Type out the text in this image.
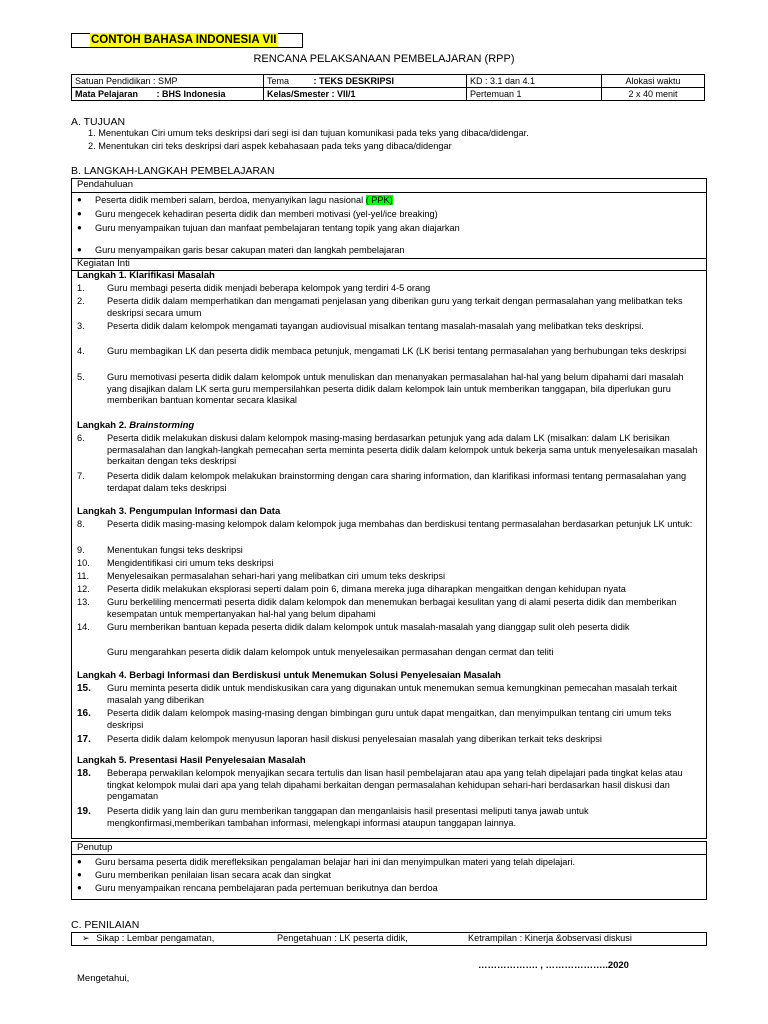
CONTOH BAHASA INDONESIA VII
RENCANA PELAKSANAAN PEMBELAJARAN (RPP)
Satuan Pendidikan : SMP	Tema : TEKS DESKRIPSI	KD : 3.1 dan 4.1	Alokasi waktu
Mata Pelajaran : BHS Indonesia	Kelas/Smester : VII/1	Pertemuan 1	2 x 40 menit
A. TUJUAN
1. Menentukan Ciri umum teks deskripsi dari segi isi dan tujuan komunikasi pada teks yang dibaca/didengar.
2. Menentukan ciri teks deskripsi dari aspek kebahasaan pada teks yang dibaca/didengar
B. LANGKAH-LANGKAH PEMBELAJARAN
Pendahuluan
● Peserta didik memberi salam, berdoa, menyanyikan lagu nasional ( PPK)
● Guru mengecek kehadiran peserta didik dan memberi motivasi (yel-yel/ice breaking)
● Guru menyampaikan tujuan dan manfaat pembelajaran tentang topik yang akan diajarkan
● Guru menyampaikan garis besar cakupan materi dan langkah pembelajaran
Kegiatan Inti
Langkah 1. Klarifikasi Masalah
1. Guru membagi peserta didik menjadi beberapa kelompok yang terdiri 4-5 orang
2. Peserta didik dalam memperhatikan dan mengamati penjelasan yang diberikan guru yang terkait dengan permasalahan yang melibatkan teks deskripsi secara umum
3. Peserta didik dalam kelompok mengamati tayangan audiovisual misalkan tentang masalah-masalah yang melibatkan teks deskripsi.
4. Guru membagikan LK dan peserta didik membaca petunjuk, mengamati LK (LK berisi tentang permasalahan yang berhubungan teks deskripsi
5. Guru memotivasi peserta didik dalam kelompok untuk menuliskan dan menanyakan permasalahan hal-hal yang belum dipahami dari masalah yang disajikan dalam LK serta guru mempersilahkan peserta didik dalam kelompok lain untuk memberikan tanggapan, bila diperlukan guru memberikan bantuan komentar secara klasikal
Langkah 2. Brainstorming
6. Peserta didik melakukan diskusi dalam kelompok masing-masing berdasarkan petunjuk yang ada dalam LK (misalkan: dalam LK berisikan permasalahan dan langkah-langkah pemecahan serta meminta peserta didik dalam kelompok untuk bekerja sama untuk menyelesaikan masalah berkaitan dengan teks deskripsi
7. Peserta didik dalam kelompok melakukan brainstorming dengan cara sharing information, dan klarifikasi informasi tentang permasalahan yang terdapat dalam teks deskripsi
Langkah 3. Pengumpulan Informasi dan Data
8. Peserta didik masing-masing kelompok dalam kelompok juga membahas dan berdiskusi tentang permasalahan berdasarkan petunjuk LK untuk:
9. Menentukan fungsi teks deskripsi
10. Mengidentifikasi ciri umum teks deskripsi
11. Menyelesaikan permasalahan sehari-hari yang melibatkan ciri umum teks deskripsi
12. Peserta didik melakukan eksplorasi seperti dalam poin 6, dimana mereka juga diharapkan mengaitkan dengan kehidupan nyata
13. Guru berkeliling mencermati peserta didik dalam kelompok dan menemukan berbagai kesulitan yang di alami peserta didik dan memberikan kesempatan untuk mempertanyakan hal-hal yang belum dipahami
14. Guru memberikan bantuan kepada peserta didik dalam kelompok untuk masalah-masalah yang dianggap sulit oleh peserta didik
Guru mengarahkan peserta didik dalam kelompok untuk menyelesaikan permasahan dengan cermat dan teliti
Langkah 4. Berbagi Informasi dan Berdiskusi untuk Menemukan Solusi Penyelesaian Masalah
15. Guru meminta peserta didik untuk mendiskusikan cara yang digunakan untuk menemukan semua kemungkinan pemecahan masalah terkait masalah yang diberikan
16. Peserta didik dalam kelompok masing-masing dengan bimbingan guru untuk dapat mengaitkan, dan menyimpulkan tentang ciri umum teks deskripsi
17. Peserta didik dalam kelompok menyusun laporan hasil diskusi penyelesaian masalah yang diberikan terkait teks deskripsi
Langkah 5. Presentasi Hasil Penyelesaian Masalah
18. Beberapa perwakilan kelompok menyajikan secara tertulis dan lisan hasil pembelajaran atau apa yang telah dipelajari pada tingkat kelas atau tingkat kelompok mulai dari apa yang telah dipahami berkaitan dengan permasalahan kehidupan sehari-hari berdasarkan hasil diskusi dan pengamatan
19. Peserta didik yang lain dan guru memberikan tanggapan dan menganlaisis hasil presentasi meliputi tanya jawab untuk mengkonfirmasi,memberikan tambahan informasi, melengkapi informasi ataupun tanggapan lainnya.
Penutup
● Guru bersama peserta didik merefleksikan pengalaman belajar hari ini dan menyimpulkan materi yang telah dipelajari.
● Guru memberikan penilaian lisan secara acak dan singkat
● Guru menyampaikan rencana pembelajaran pada pertemuan berikutnya dan berdoa
C. PENILAIAN
➢ Sikap : Lembar pengamatan,	Pengetahuan : LK peserta didik,	Ketrampilan : Kinerja &observasi diskusi
………………. , ………………..2020
Mengetahui,
